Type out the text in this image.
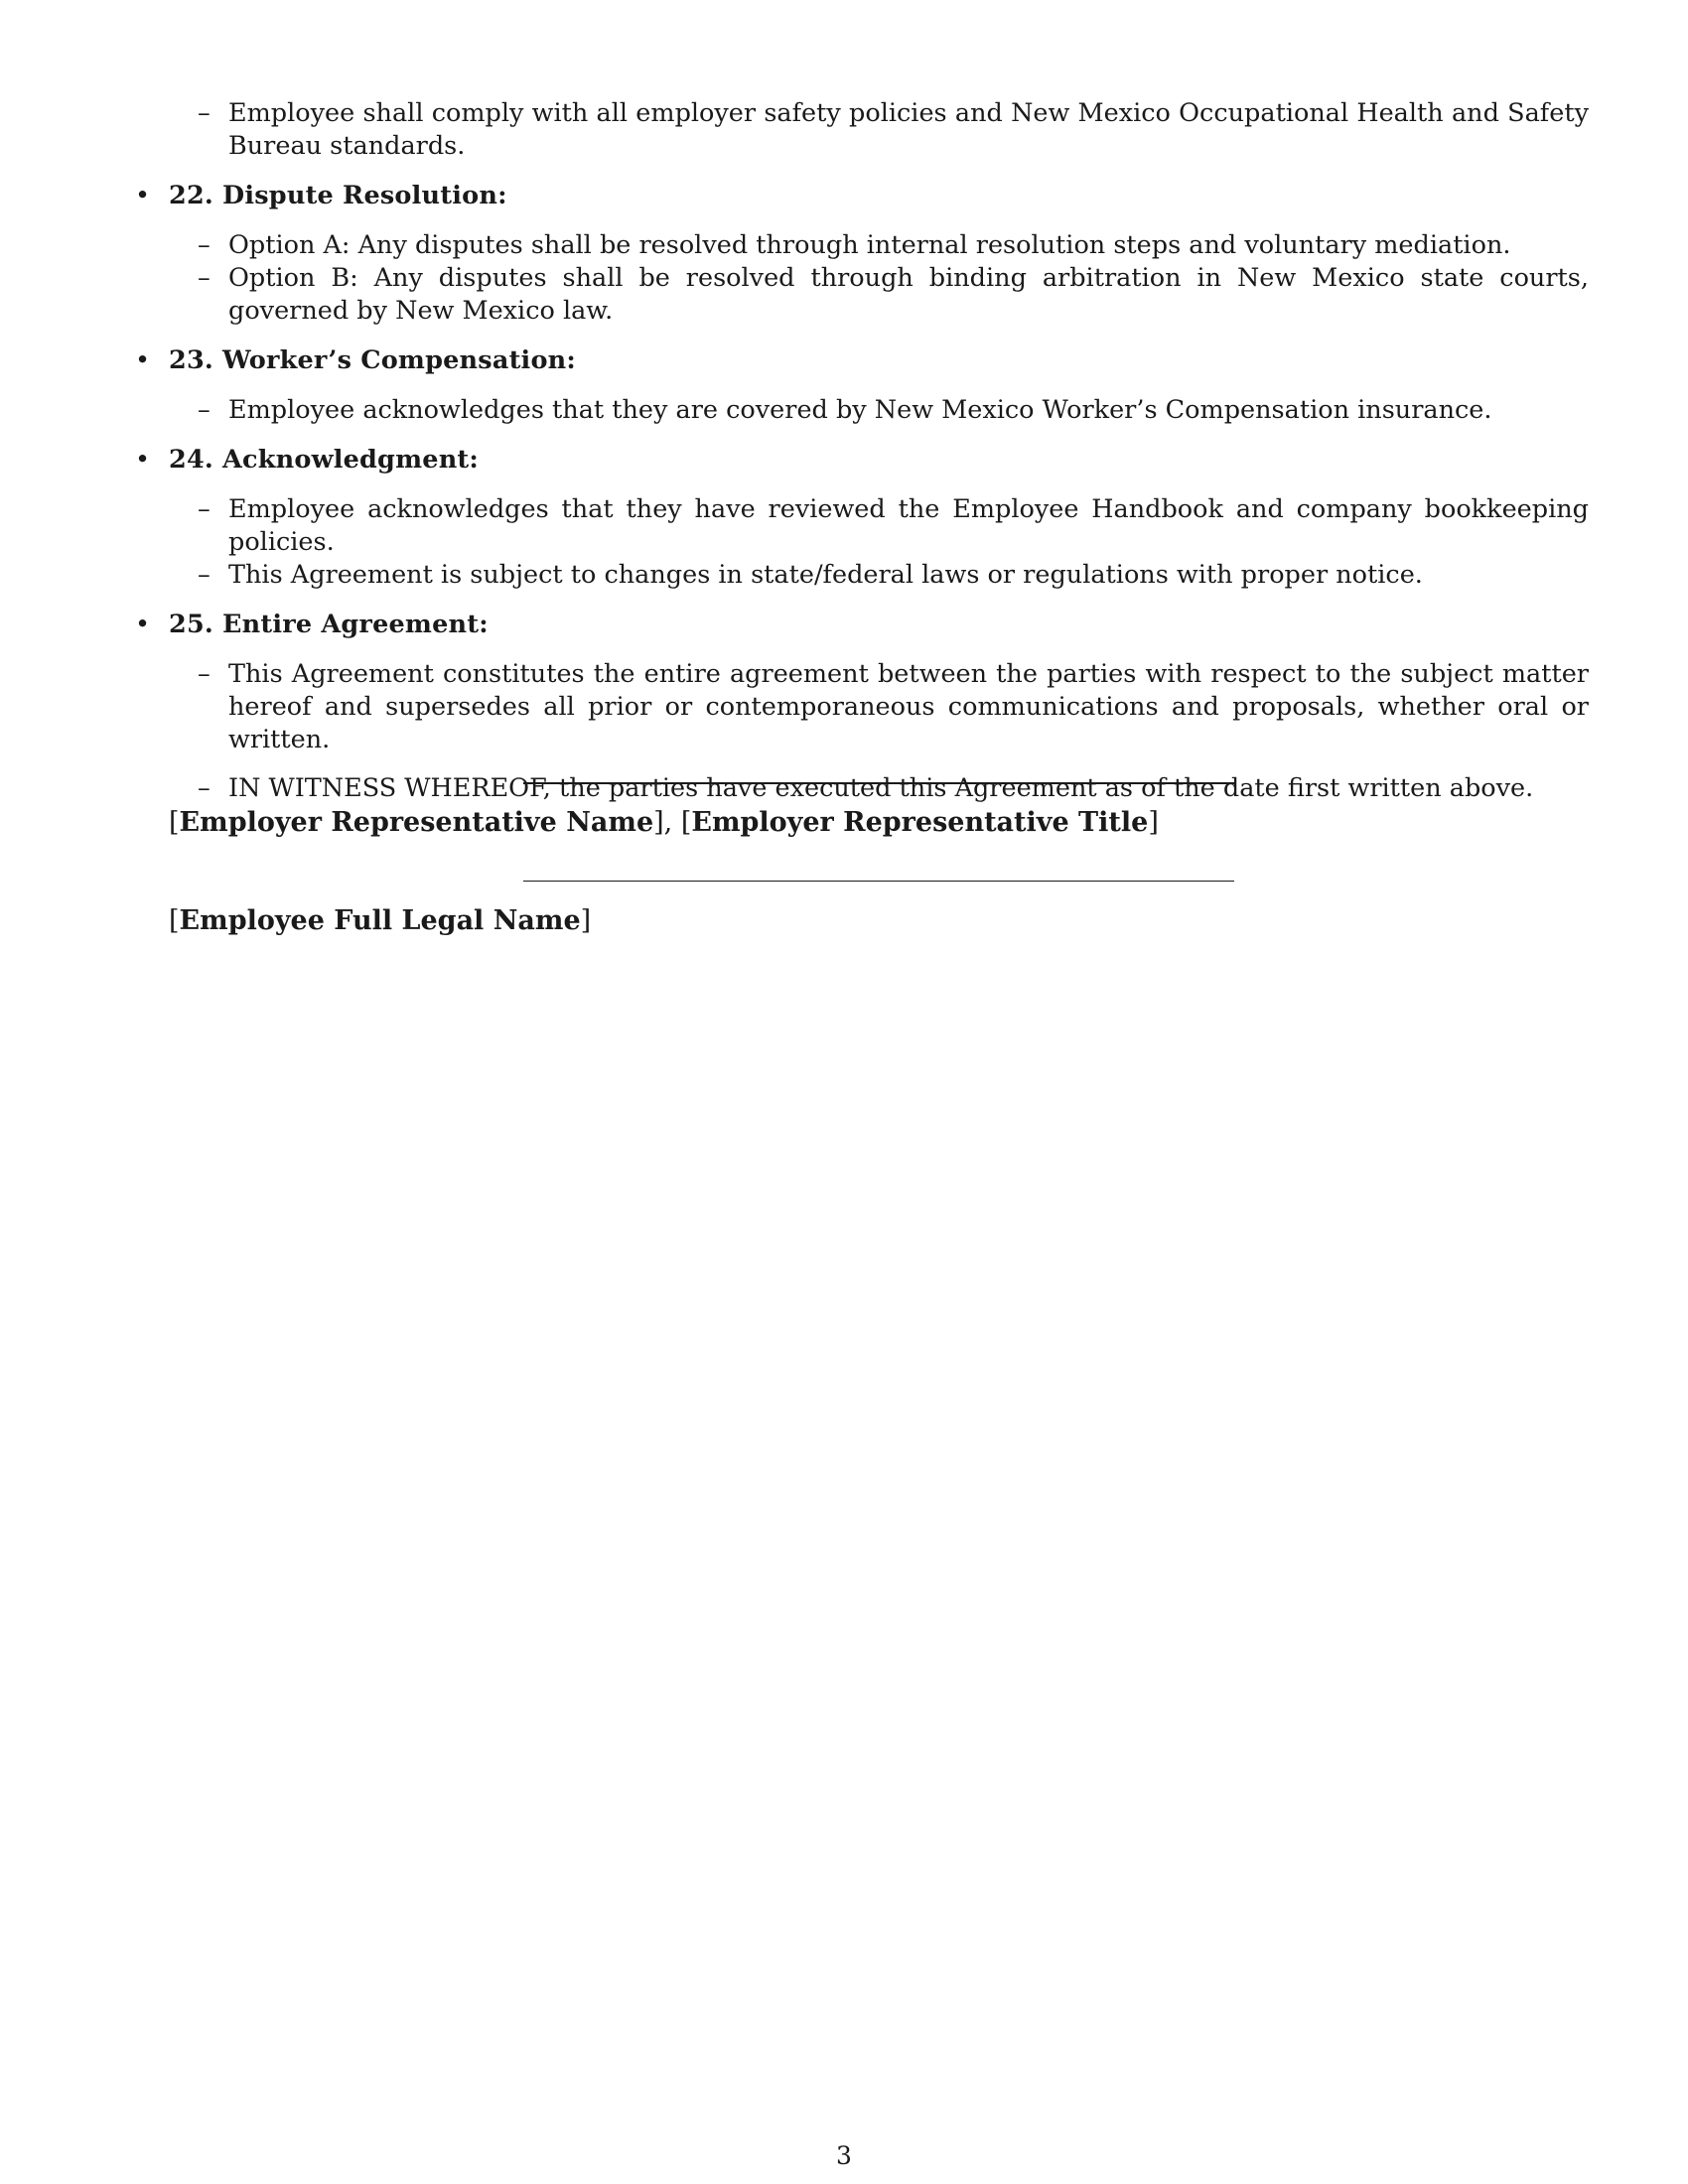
– Employee shall comply with all employer safety policies and New Mexico Occupational Health and Safety Bureau standards.
• 22. Dispute Resolution:
– Option A: Any disputes shall be resolved through internal resolution steps and voluntary mediation.
– Option B: Any disputes shall be resolved through binding arbitration in New Mexico state courts, governed by New Mexico law.
• 23. Worker’s Compensation:
– Employee acknowledges that they are covered by New Mexico Worker’s Compensation insurance.
• 24. Acknowledgment:
– Employee acknowledges that they have reviewed the Employee Handbook and company bookkeeping policies.
– This Agreement is subject to changes in state/federal laws or regulations with proper notice.
• 25. Entire Agreement:
– This Agreement constitutes the entire agreement between the parties with respect to the subject matter hereof and supersedes all prior or contemporaneous communications and proposals, whether oral or written.
– IN WITNESS WHEREOF, the parties have executed this Agreement as of the date first written above.
[Employer Representative Name], [Employer Representative Title]
[Employee Full Legal Name]
3
